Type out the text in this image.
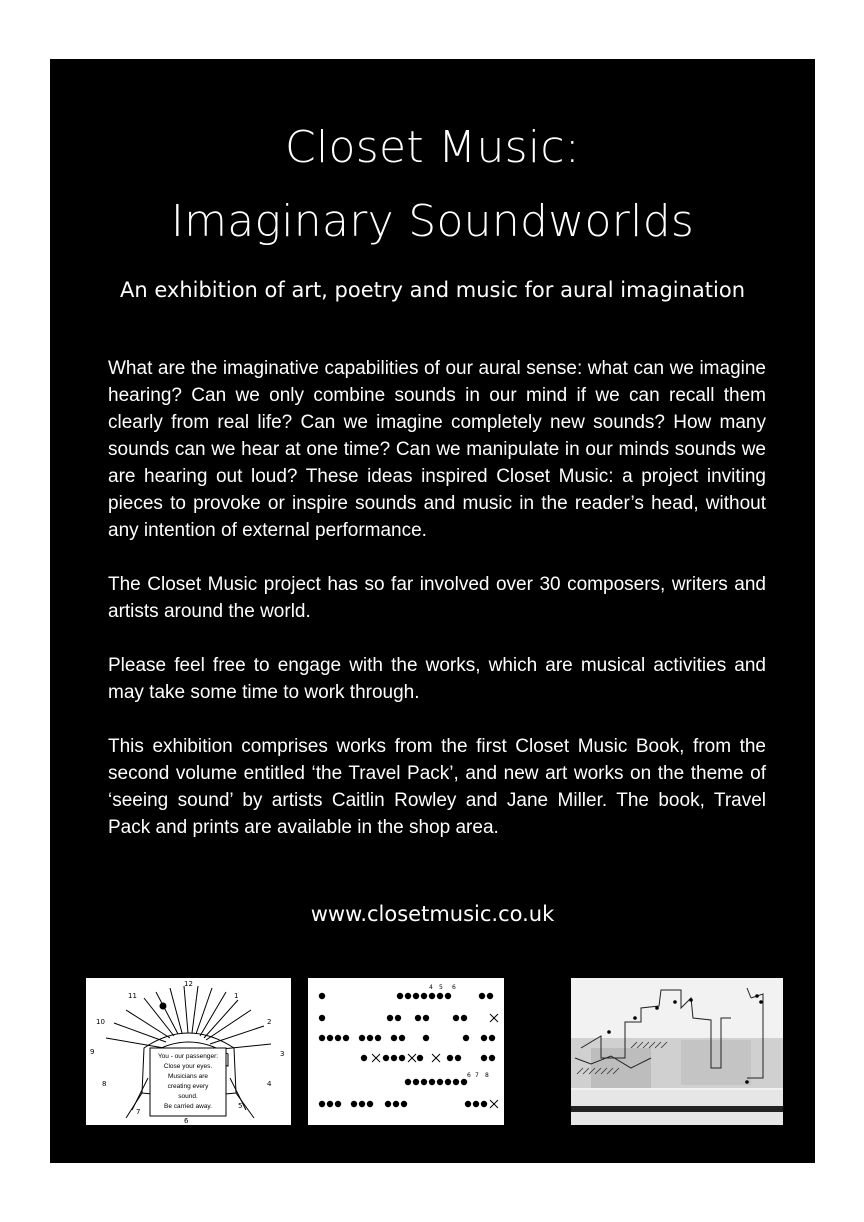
Closet Music:
Imaginary Soundworlds
An exhibition of art, poetry and music for aural imagination

What are the imaginative capabilities of our aural sense: what can we imagine hearing? Can we only combine sounds in our mind if we can recall them clearly from real life? Can we imagine completely new sounds? How many sounds can we hear at one time? Can we manipulate in our minds sounds we are hearing out loud? These ideas inspired Closet Music: a project inviting pieces to provoke or inspire sounds and music in the reader’s head, without any intention of external performance.

The Closet Music project has so far involved over 30 composers, writers and artists around the world.

Please feel free to engage with the works, which are musical activities and may take some time to work through.

This exhibition comprises works from the first Closet Music Book, from the second volume entitled ‘the Travel Pack’, and new art works on the theme of ‘seeing sound’ by artists Caitlin Rowley and Jane Miller. The book, Travel Pack and prints are available in the shop area.

www.closetmusic.co.uk
12
1
2
3
4
5
6
7
8
9
10
11
You - our passenger:
Close your eyes.
Musicians are
creating every
sound.
Be carried away.
4 5 6
6 7 8
